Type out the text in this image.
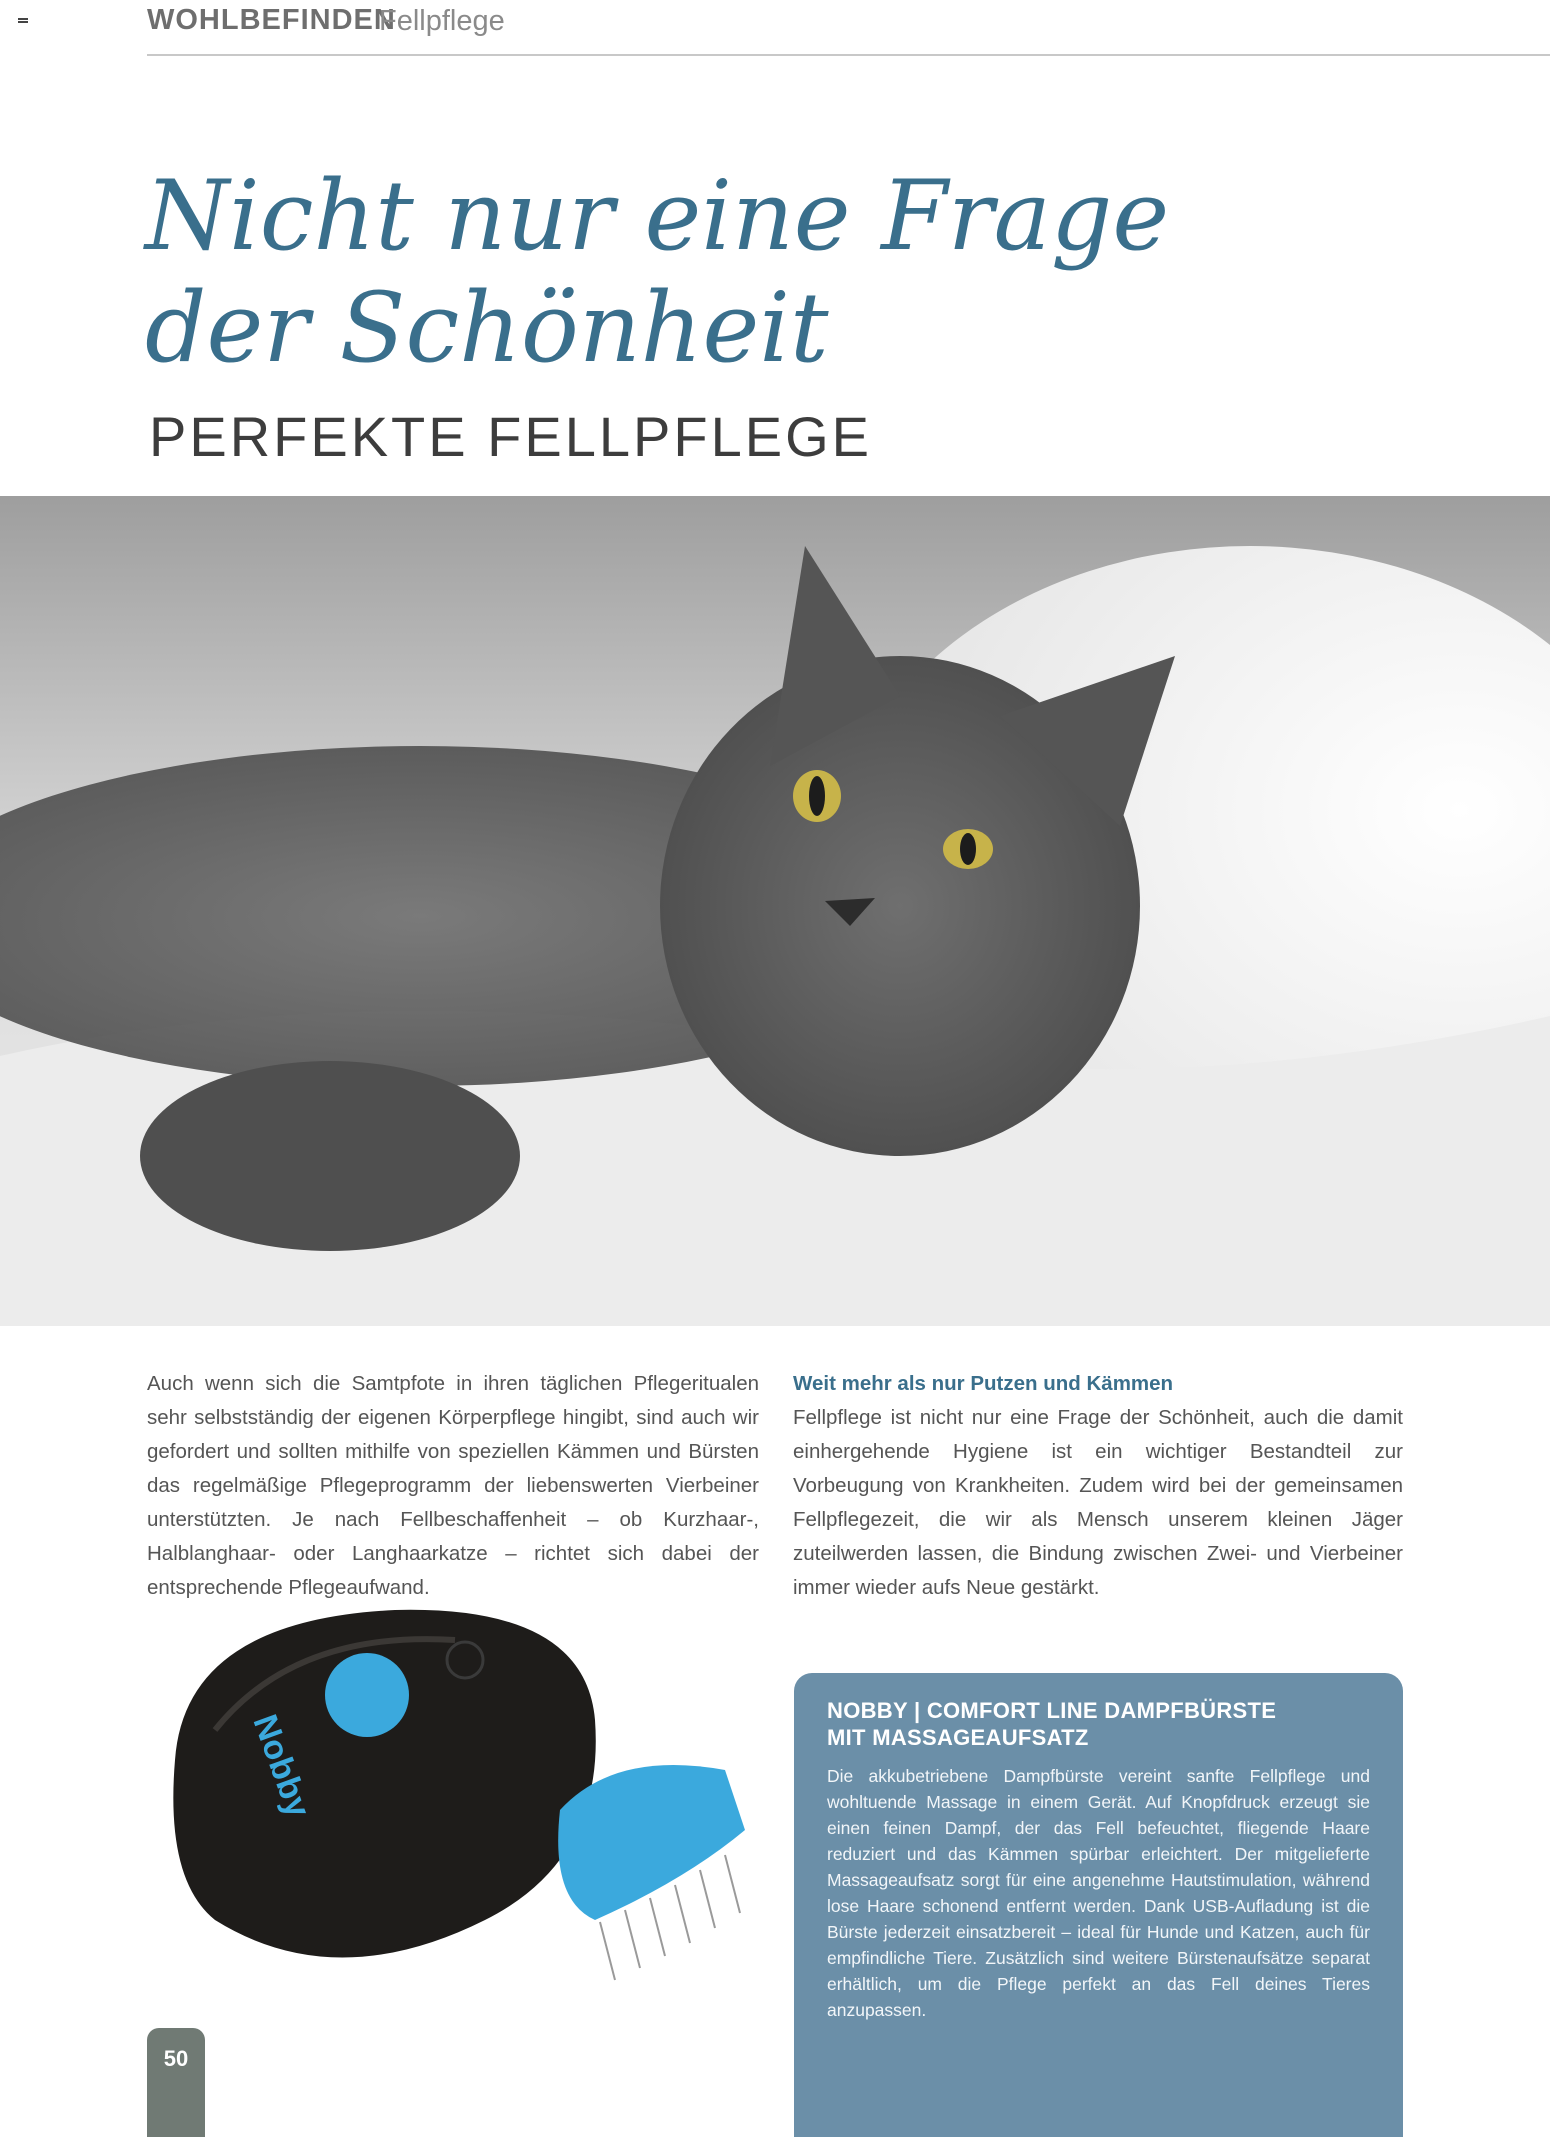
WOHLBEFINDEN
Fellpflege
Nicht nur eine Frage
der Schönheit
PERFEKTE FELLPFLEGE

Auch wenn sich die Samtpfote in ihren täglichen Pflegeritualen sehr selbstständig der eigenen Körperpflege hingibt, sind auch wir gefordert und sollten mithilfe von speziellen Kämmen und Bürsten das regelmäßige Pflegeprogramm der liebenswerten Vierbeiner unterstützten. Je nach Fellbeschaffenheit – ob Kurzhaar-, Halblanghaar- oder Langhaarkatze – richtet sich dabei der entsprechende Pflegeaufwand.

Weit mehr als nur Putzen und Kämmen
Fellpflege ist nicht nur eine Frage der Schönheit, auch die damit einhergehende Hygiene ist ein wichtiger Bestandteil zur Vorbeugung von Krankheiten. Zudem wird bei der gemeinsamen Fellpflegezeit, die wir als Mensch unserem kleinen Jäger zuteilwerden lassen, die Bindung zwischen Zwei- und Vierbeiner immer wieder aufs Neue gestärkt.
Nobby	NOBBY | COMFORT LINE DAMPFBÜRSTE
MIT MASSAGEAUFSATZ

Die akkubetriebene Dampfbürste vereint sanfte Fellpflege und wohltuende Massage in einem Gerät. Auf Knopfdruck erzeugt sie einen feinen Dampf, der das Fell befeuchtet, fliegende Haare reduziert und das Kämmen spürbar erleichtert. Der mitgelieferte Massageaufsatz sorgt für eine angenehme Hautstimulation, während lose Haare schonend entfernt werden. Dank USB-Aufladung ist die Bürste jederzeit einsatzbereit – ideal für Hunde und Katzen, auch für empfindliche Tiere. Zusätzlich sind weitere Bürstenaufsätze separat erhältlich, um die Pflege perfekt an das Fell deines Tieres anzupassen.

50
